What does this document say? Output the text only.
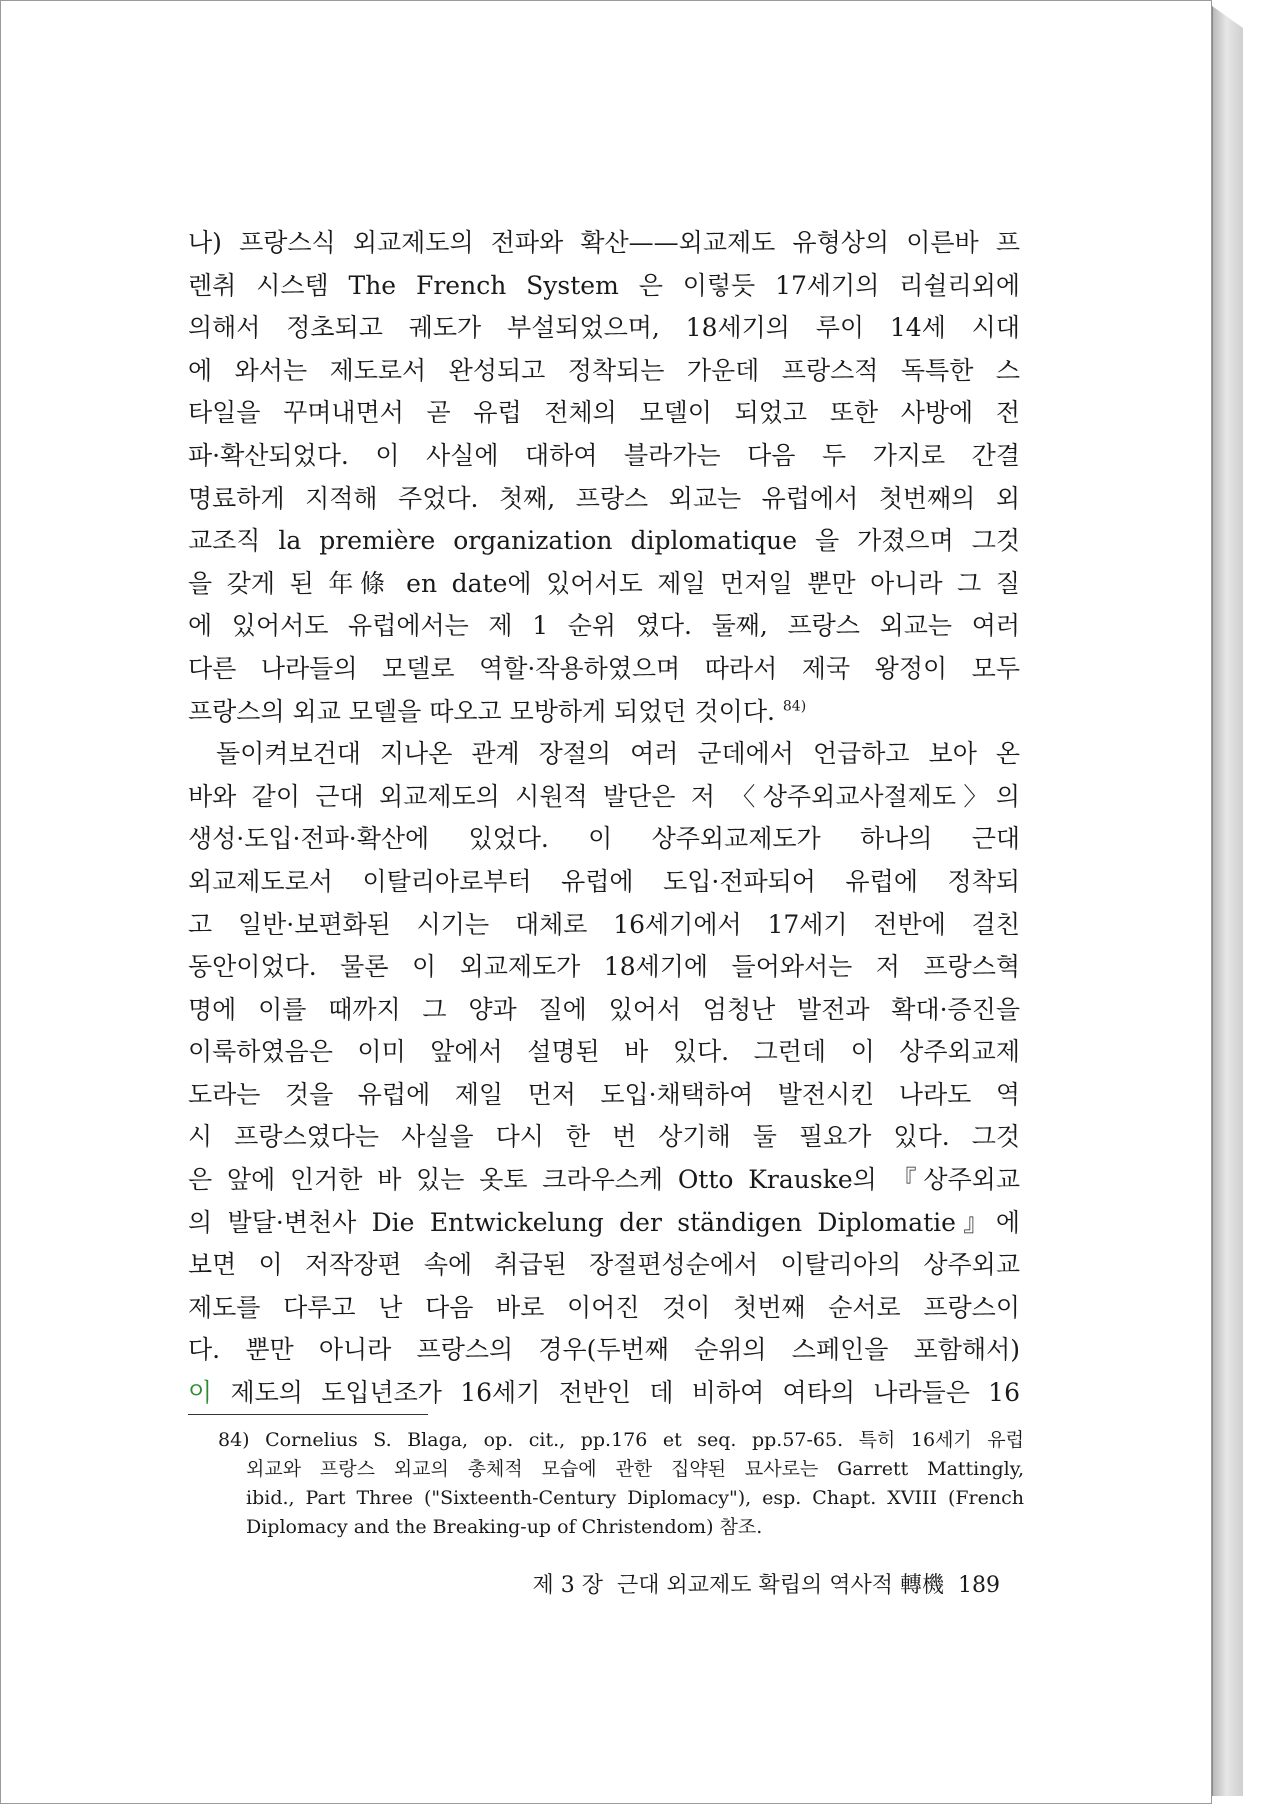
나) 프랑스식 외교제도의 전파와 확산——외교제도 유형상의 이른바 프
렌취 시스템 The French System 은 이렇듯 17세기의 리쉴리외에
의해서 정초되고 궤도가 부설되었으며, 18세기의 루이 14세 시대
에 와서는 제도로서 완성되고 정착되는 가운데 프랑스적 독특한 스
타일을 꾸며내면서 곧 유럽 전체의 모델이 되었고 또한 사방에 전
파·확산되었다. 이 사실에 대하여 블라가는 다음 두 가지로 간결
명료하게 지적해 주었다. 첫째, 프랑스 외교는 유럽에서 첫번째의 외
교조직 la première organization diplomatique 을 가졌으며 그것
을 갖게 된 年條 en date에 있어서도 제일 먼저일 뿐만 아니라 그 질
에 있어서도 유럽에서는 제 1 순위 였다. 둘째, 프랑스 외교는 여러
다른 나라들의 모델로 역할·작용하였으며 따라서 제국 왕정이 모두
프랑스의 외교 모델을 따오고 모방하게 되었던 것이다. $^{84)}$
돌이켜보건대 지나온 관계 장절의 여러 군데에서 언급하고 보아 온
바와 같이 근대 외교제도의 시원적 발단은 저 〈상주외교사절제도〉의
생성·도입·전파·확산에 있었다. 이 상주외교제도가 하나의 근대
외교제도로서 이탈리아로부터 유럽에 도입·전파되어 유럽에 정착되
고 일반·보편화된 시기는 대체로 16세기에서 17세기 전반에 걸친
동안이었다. 물론 이 외교제도가 18세기에 들어와서는 저 프랑스혁
명에 이를 때까지 그 양과 질에 있어서 엄청난 발전과 확대·증진을
이룩하였음은 이미 앞에서 설명된 바 있다. 그런데 이 상주외교제
도라는 것을 유럽에 제일 먼저 도입·채택하여 발전시킨 나라도 역
시 프랑스였다는 사실을 다시 한 번 상기해 둘 필요가 있다. 그것
은 앞에 인거한 바 있는 옷토 크라우스케 Otto Krauske의 『상주외교
의 발달·변천사 Die Entwickelung der ständigen Diplomatie』에
보면 이 저작장편 속에 취급된 장절편성순에서 이탈리아의 상주외교
제도를 다루고 난 다음 바로 이어진 것이 첫번째 순서로 프랑스이
다. 뿐만 아니라 프랑스의 경우(두번째 순위의 스페인을 포함해서)
이 제도의 도입년조가 16세기 전반인 데 비하여 여타의 나라들은 16
84) Cornelius S. Blaga, op. cit., pp.176 et seq. pp.57-65. 특히 16세기 유럽
외교와 프랑스 외교의 총체적 모습에 관한 집약된 묘사로는 Garrett Mattingly,
ibid., Part Three ("Sixteenth-Century Diplomacy"), esp. Chapt. XVIII (French
Diplomacy and the Breaking-up of Christendom) 참조.
제 3 장 근대 외교제도 확립의 역사적 轉機 189
